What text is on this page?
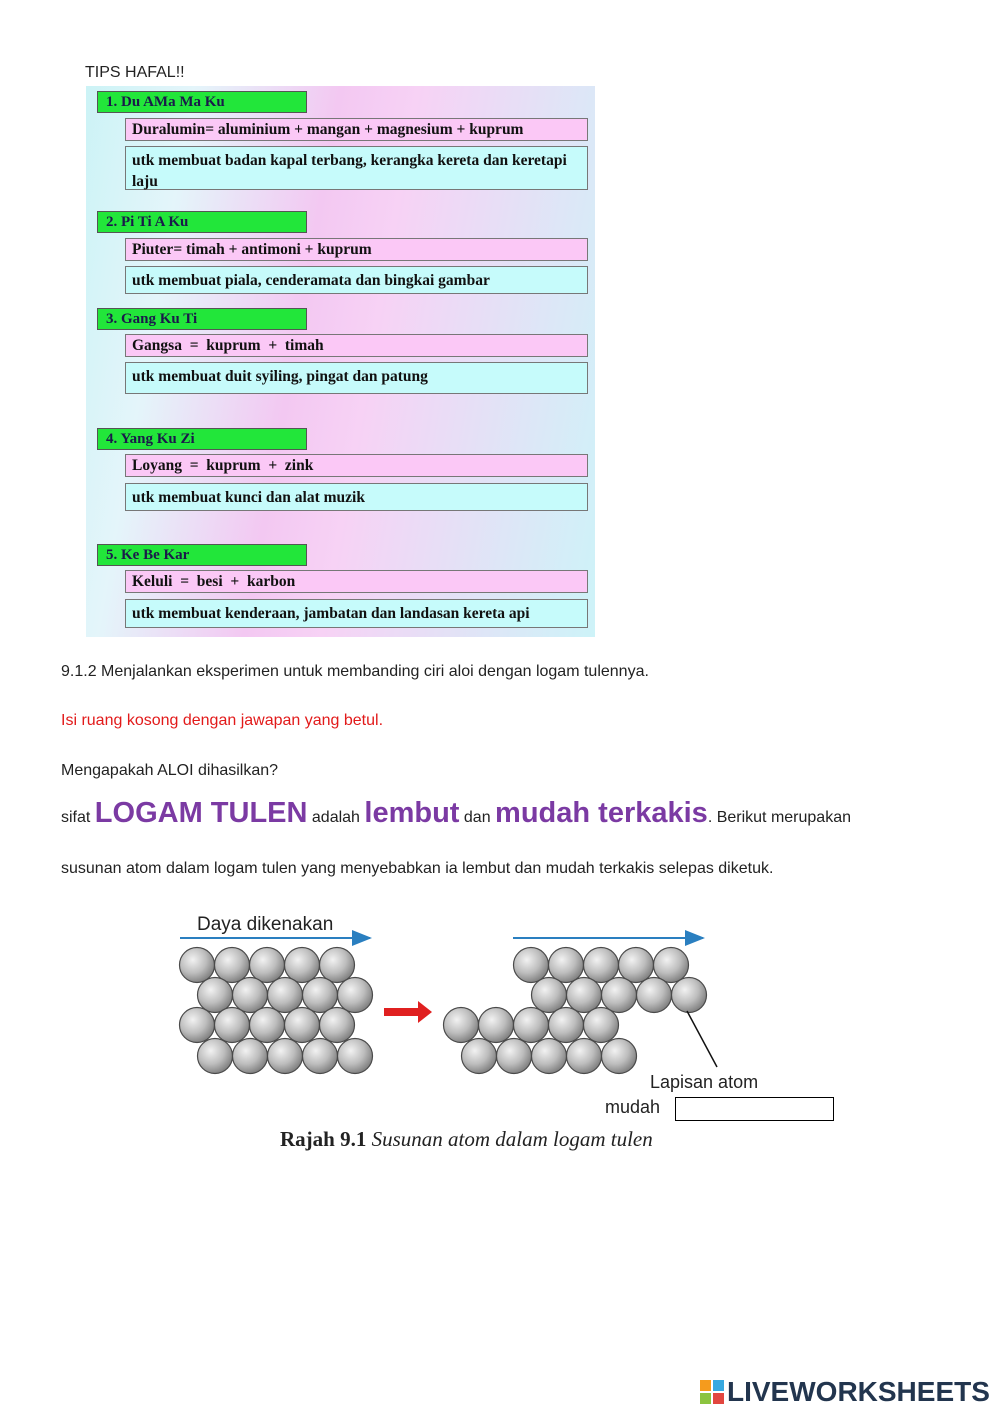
TIPS HAFAL!!
1. Du AMa Ma Ku
Duralumin= aluminium + mangan + magnesium + kuprum
utk membuat badan kapal terbang, kerangka kereta dan keretapi laju
2. Pi Ti A Ku
Piuter= timah + antimoni + kuprum
utk membuat piala, cenderamata dan bingkai gambar
3. Gang Ku Ti
Gangsa  =  kuprum  +  timah
utk membuat duit syiling, pingat dan patung
4. Yang Ku Zi
Loyang  =  kuprum  +  zink
utk membuat kunci dan alat muzik
5. Ke Be Kar
Keluli  =  besi  +  karbon
utk membuat kenderaan, jambatan dan landasan kereta api
9.1.2 Menjalankan eksperimen untuk membanding ciri aloi dengan logam tulennya.
Isi ruang kosong dengan jawapan yang betul.
Mengapakah ALOI dihasilkan?
sifat LOGAM TULEN adalah lembut dan mudah terkakis. Berikut merupakan
susunan atom dalam logam tulen yang menyebabkan ia lembut dan mudah terkakis selepas diketuk.
Daya dikenakan
Lapisan atom
mudah
Rajah 9.1 Susunan atom dalam logam tulen
LIVEWORKSHEETS
